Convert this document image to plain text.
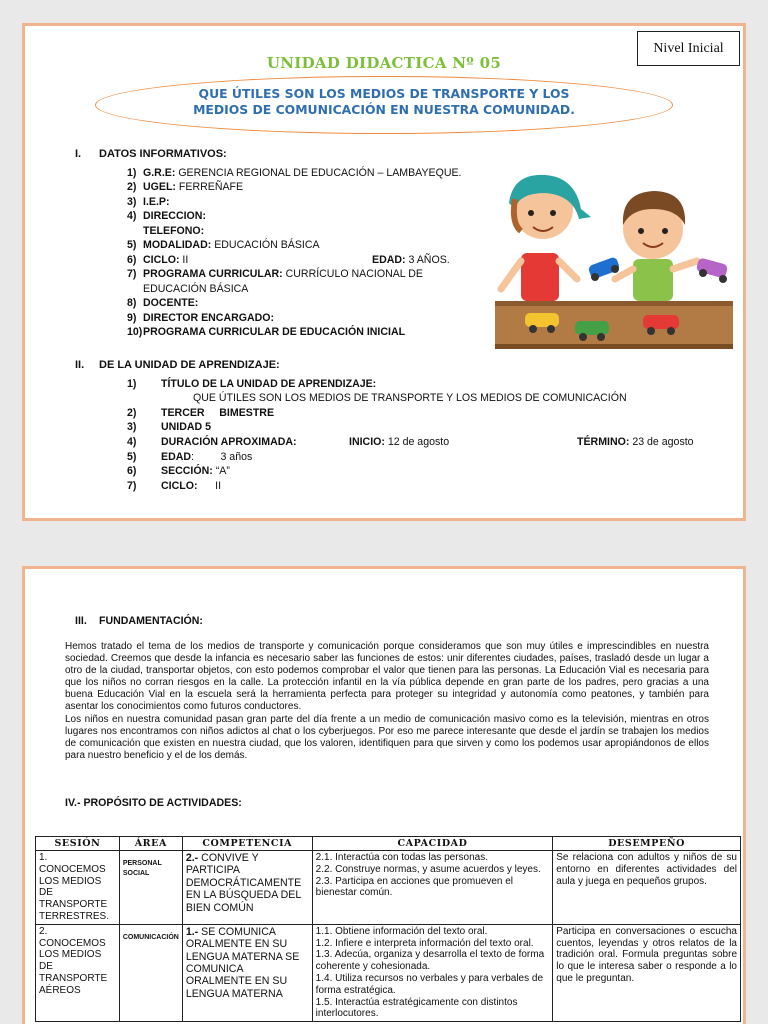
Nivel Inicial
UNIDAD DIDACTICA Nº 05
QUE ÚTILES SON LOS MEDIOS DE TRANSPORTE Y LOS
MEDIOS DE COMUNICACIÓN EN NUESTRA COMUNIDAD.
I. DATOS INFORMATIVOS:
1) G.R.E: GERENCIA REGIONAL DE EDUCACIÓN – LAMBAYEQUE.
2) UGEL: FERREÑAFE
3) I.E.P:
4) DIRECCION:
TELEFONO:
5) MODALIDAD: EDUCACIÓN BÁSICA
6) CICLO: II
7) PROGRAMA CURRICULAR: CURRÍCULO NACIONAL DE
EDUCACIÓN BÁSICA
8) DOCENTE:
9) DIRECTOR ENCARGADO:
10) PROGRAMA CURRICULAR DE EDUCACIÓN INICIAL
EDAD: 3 AÑOS.
II. DE LA UNIDAD DE APRENDIZAJE:
1) TÍTULO DE LA UNIDAD DE APRENDIZAJE:
QUE ÚTILES SON LOS MEDIOS DE TRANSPORTE Y LOS MEDIOS DE COMUNICACIÓN
2) TERCER     BIMESTRE
3) UNIDAD 5
4) DURACIÓN APROXIMADA:	INICIO: 12 de agosto	TÉRMINO: 23 de agosto
5) EDAD:         3 años
6) SECCIÓN: “A”
7) CICLO:      II
III. FUNDAMENTACIÓN:

Hemos tratado el tema de los medios de transporte y comunicación porque consideramos que son muy útiles e imprescindibles en nuestra sociedad. Creemos que desde la infancia es necesario saber las funciones de estos: unir diferentes ciudades, países, trasladó desde un lugar a otro de la ciudad, transportar objetos, con esto podemos comprobar el valor que tienen para las personas. La Educación Vial es necesaria para que los niños no corran riesgos en la calle. La protección infantil en la vía pública depende en gran parte de los padres, pero gracias a una buena Educación Vial en la escuela será la herramienta perfecta para proteger su integridad y autonomía como peatones, y también para asentar los conocimientos como futuros conductores.

Los niños en nuestra comunidad pasan gran parte del día frente a un medio de comunicación masivo como es la televisión, mientras en otros lugares nos encontramos con niños adictos al chat o los cyberjuegos. Por eso me parece interesante que desde el jardín se trabajen los medios de comunicación que existen en nuestra ciudad, que los valoren, identifiquen para que sirven y como los podemos usar apropiándonos de ellos para nuestro beneficio y el de los demás.

IV.- PROPÓSITO DE ACTIVIDADES:
SESIÓN	ÁREA	COMPETENCIA	CAPACIDAD	DESEMPEÑO
1. CONOCEMOS LOS MEDIOS DE TRANSPORTE TERRESTRES.	PERSONAL SOCIAL	2.- CONVIVE Y PARTICIPA DEMOCRÁTICAMENTE EN LA BÚSQUEDA DEL BIEN COMÚN	2.1. Interactúa con todas las personas.
2.2. Construye normas, y asume acuerdos y leyes.
2.3. Participa en acciones que promueven el bienestar común.	Se relaciona con adultos y niños de su entorno en diferentes actividades del aula y juega en pequeños grupos.
2. CONOCEMOS LOS MEDIOS DE TRANSPORTE AÉREOS	COMUNICACIÓN	1.- SE COMUNICA ORALMENTE EN SU LENGUA MATERNA SE COMUNICA ORALMENTE EN SU LENGUA MATERNA	1.1. Obtiene información del texto oral.
1.2. Infiere e interpreta información del texto oral.
1.3. Adecúa, organiza y desarrolla el texto de forma coherente y cohesionada.
1.4. Utiliza recursos no verbales y para verbales de forma estratégica.
1.5. Interactúa estratégicamente con distintos interlocutores.	Participa en conversaciones o escucha cuentos, leyendas y otros relatos de la tradición oral. Formula preguntas sobre lo que le interesa saber o responde a lo que le preguntan.
